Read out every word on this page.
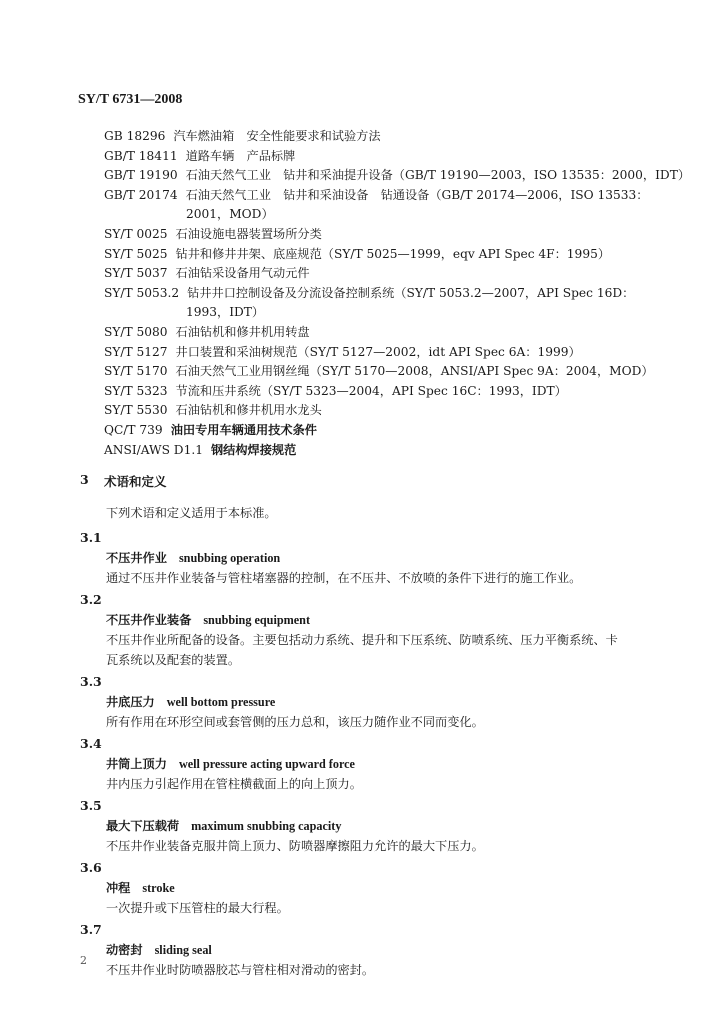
SY/T 6731—2008
GB 18296 汽车燃油箱　安全性能要求和试验方法
GB/T 18411 道路车辆　产品标牌
GB/T 19190 石油天然气工业　钻井和采油提升设备（GB/T 19190—2003，ISO 13535：2000，IDT）
GB/T 20174 石油天然气工业　钻井和采油设备　钻通设备（GB/T 20174—2006，ISO 13533：
2001，MOD）
SY/T 0025 石油设施电器装置场所分类
SY/T 5025 钻井和修井井架、底座规范（SY/T 5025—1999，eqv API Spec 4F：1995）
SY/T 5037 石油钻采设备用气动元件
SY/T 5053.2 钻井井口控制设备及分流设备控制系统（SY/T 5053.2—2007，API Spec 16D：
1993，IDT）
SY/T 5080 石油钻机和修井机用转盘
SY/T 5127 井口装置和采油树规范（SY/T 5127—2002，idt API Spec 6A：1999）
SY/T 5170 石油天然气工业用钢丝绳（SY/T 5170—2008，ANSI/API Spec 9A：2004，MOD）
SY/T 5323 节流和压井系统（SY/T 5323—2004，API Spec 16C：1993，IDT）
SY/T 5530 石油钻机和修井机用水龙头
QC/T 739 油田专用车辆通用技术条件
ANSI/AWS D1.1 钢结构焊接规范
3	术语和定义
下列术语和定义适用于本标准。
3.1
不压井作业 snubbing operation
通过不压井作业装备与管柱堵塞器的控制，在不压井、不放喷的条件下进行的施工作业。
3.2
不压井作业装备 snubbing equipment
不压井作业所配备的设备。主要包括动力系统、提升和下压系统、防喷系统、压力平衡系统、卡
瓦系统以及配套的装置。
3.3
井底压力 well bottom pressure
所有作用在环形空间或套管侧的压力总和，该压力随作业不同而变化。
3.4
井筒上顶力 well pressure acting upward force
井内压力引起作用在管柱横截面上的向上顶力。
3.5
最大下压载荷 maximum snubbing capacity
不压井作业装备克服井筒上顶力、防喷器摩擦阻力允许的最大下压力。
3.6
冲程 stroke
一次提升或下压管柱的最大行程。
3.7
动密封 sliding seal
不压井作业时防喷器胶芯与管柱相对滑动的密封。
2
